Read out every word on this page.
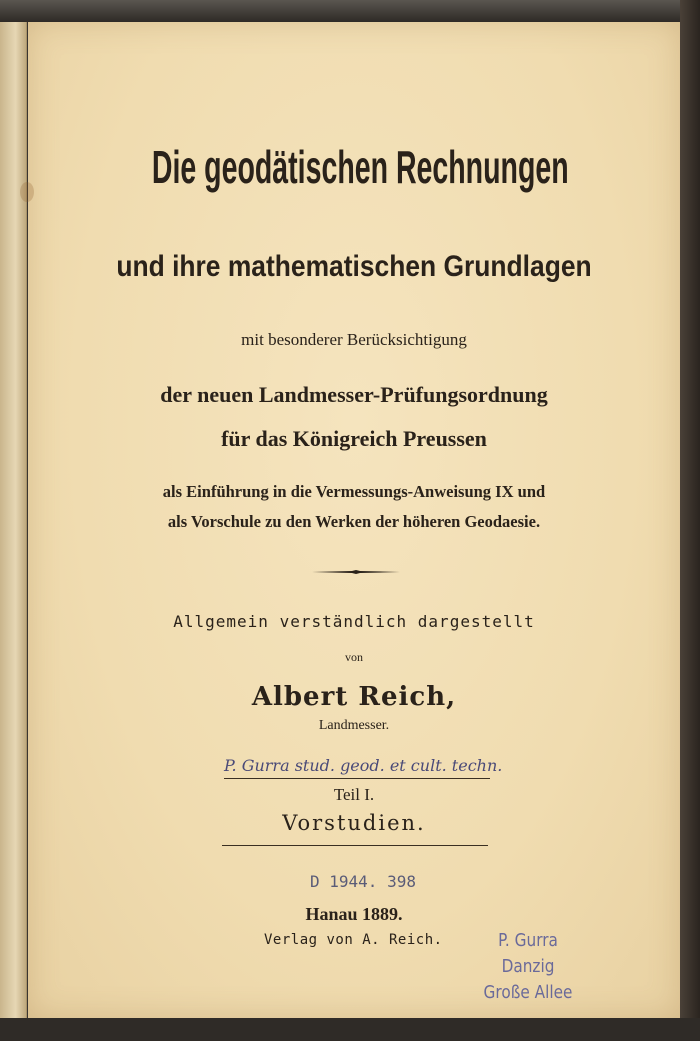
Die geodätischen Rechnungen
und ihre mathematischen Grundlagen
mit besonderer Berücksichtigung
der neuen Landmesser-Prüfungsordnung
für das Königreich Preussen
als Einführung in die Vermessungs-Anweisung IX und
als Vorschule zu den Werken der höheren Geodaesie.
Allgemein verständlich dargestellt
von
Albert Reich,
Landmesser.
P. Gurra stud. geod. et cult. techn.
Teil I.
Vorstudien.
D 1944. 398
Hanau 1889.
Verlag von A. Reich.	P. Gurra
Danzig
Große Allee
